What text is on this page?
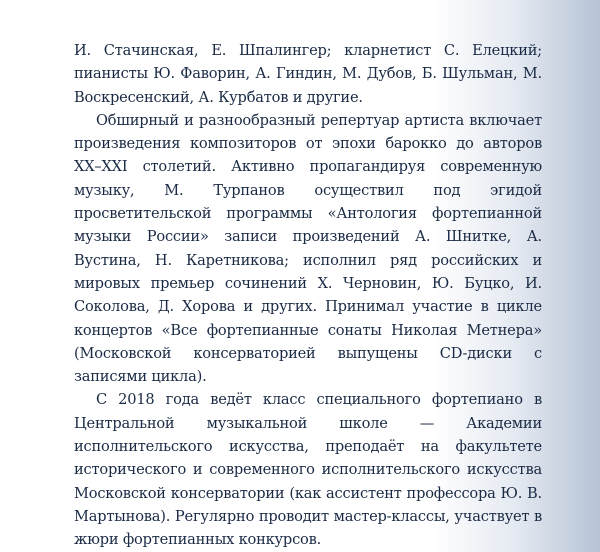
И. Стачинская, Е. Шпалингер; кларнетист С. Елецкий; пианисты Ю. Фаворин, А. Гиндин, М. Дубов, Б. Шульман, М. Воскресенский, А. Курбатов и другие.

Обширный и разнообразный репертуар артиста включает произведения композиторов от эпохи барокко до авторов XX–XXI столетий. Активно пропагандируя современную музыку, М. Турпанов осуществил под эгидой просветительской программы «Антология фортепианной музыки России» записи произведений А. Шнитке, А. Вустина, Н. Каретникова; исполнил ряд российских и мировых премьер сочинений Х. Черновин, Ю. Буцко, И. Соколова, Д. Хорова и других. Принимал участие в цикле концертов «Все фортепианные сонаты Николая Метнера» (Московской консерваторией выпущены CD-диски с записями цикла).

С 2018 года ведёт класс специального фортепиано в Центральной музыкальной школе — Академии исполнительского искусства, преподаёт на факультете исторического и современного исполнительского искусства Московской консерватории (как ассистент профессора Ю. В. Мартынова). Регулярно проводит мастер-классы, участвует в жюри фортепианных конкурсов.
